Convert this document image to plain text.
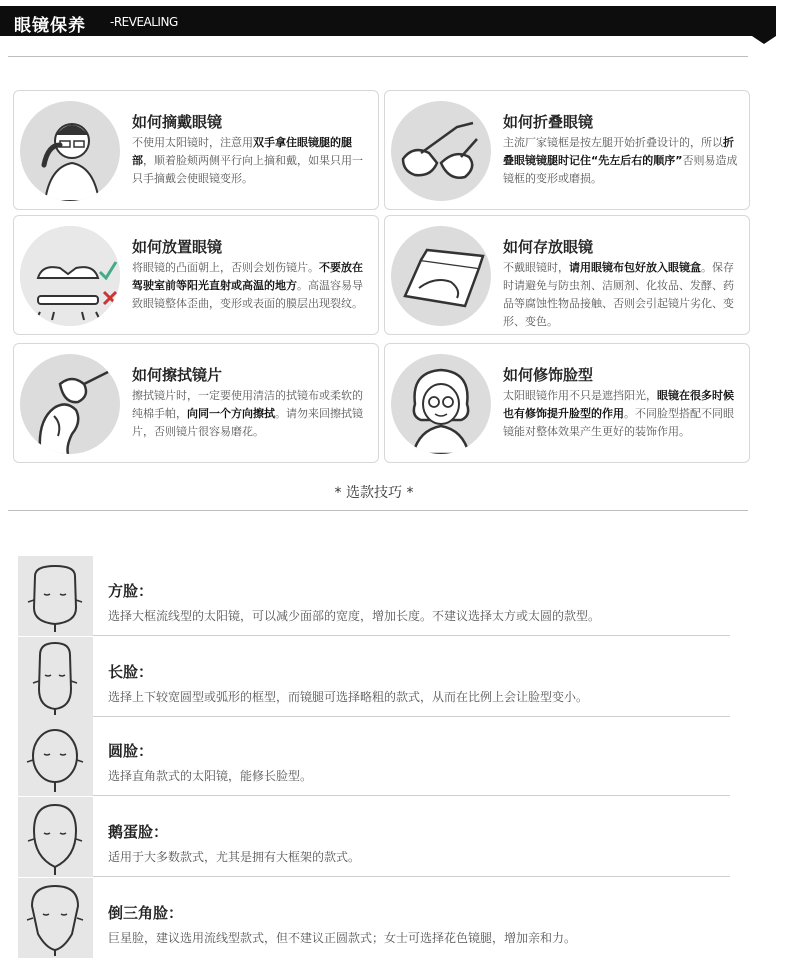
眼镜保养 -REVEALING
如何摘戴眼镜
不使用太阳镜时，注意用双手拿住眼镜腿的腿部，顺着脸颊两侧平行向上摘和戴，如果只用一只手摘戴会使眼镜变形。
如何折叠眼镜
主流厂家镜框是按左腿开始折叠设计的，所以折叠眼镜镜腿时记住“先左后右的顺序”否则易造成镜框的变形或磨损。
如何放置眼镜
将眼镜的凸面朝上，否则会划伤镜片。不要放在驾驶室前等阳光直射或高温的地方。高温容易导致眼镜整体歪曲，变形或表面的膜层出现裂纹。
如何存放眼镜
不戴眼镜时，请用眼镜布包好放入眼镜盒。保存时请避免与防虫剂、洁厕剂、化妆品、发酵、药品等腐蚀性物品接触、否则会引起镜片劣化、变形、变色。
如何擦拭镜片
擦拭镜片时，一定要使用清洁的拭镜布或柔软的纯棉手帕，向同一个方向擦拭。请勿来回擦拭镜片，否则镜片很容易磨花。
如何修饰脸型
太阳眼镜作用不只是遮挡阳光，眼镜在很多时候也有修饰提升脸型的作用。不同脸型搭配不同眼镜能对整体效果产生更好的装饰作用。
* 选款技巧 *
方脸：
选择大框流线型的太阳镜，可以减少面部的宽度，增加长度。不建议选择太方或太圆的款型。
长脸：
选择上下较宽圆型或弧形的框型，而镜腿可选择略粗的款式，从而在比例上会让脸型变小。
圆脸：
选择直角款式的太阳镜，能修长脸型。
鹅蛋脸：
适用于大多数款式，尤其是拥有大框架的款式。
倒三角脸：
巨星脸，建议选用流线型款式，但不建议正圆款式；女士可选择花色镜腿，增加亲和力。
